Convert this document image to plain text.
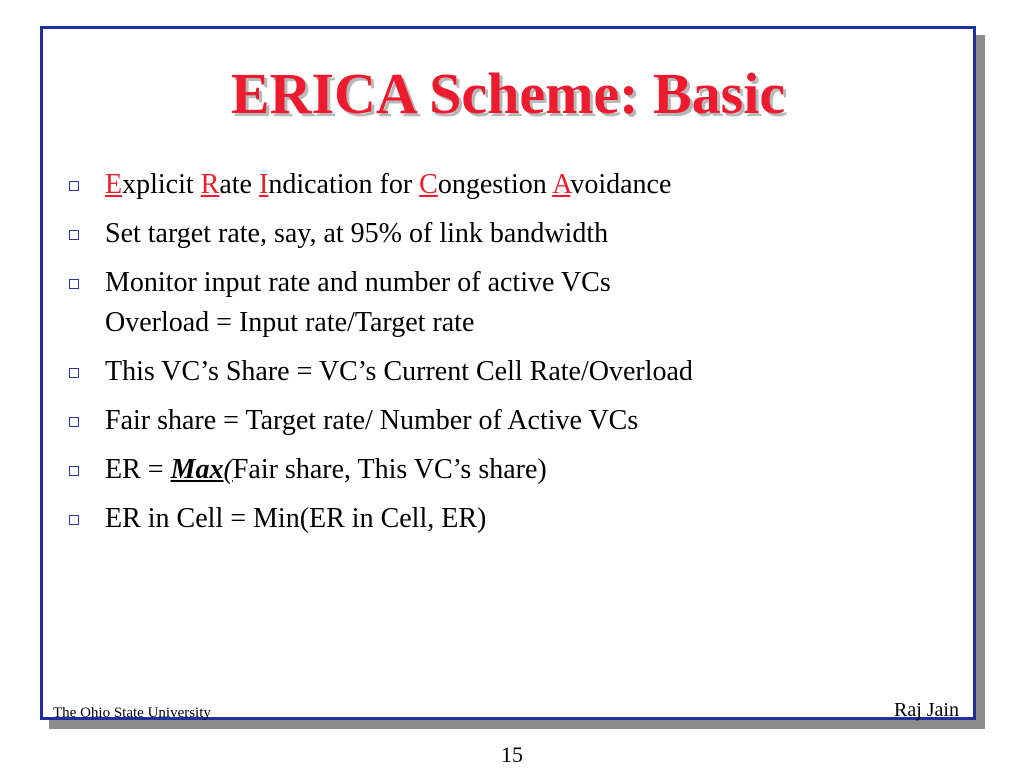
ERICA Scheme: Basic
Explicit Rate Indication for Congestion Avoidance
Set target rate, say, at 95% of link bandwidth
Monitor input rate and number of active VCs
Overload = Input rate/Target rate
This VC’s Share = VC’s Current Cell Rate/Overload
Fair share = Target rate/ Number of Active VCs
ER = Max(Fair share, This VC’s share)
ER in Cell = Min(ER in Cell, ER)
The Ohio State University	Raj Jain
15
